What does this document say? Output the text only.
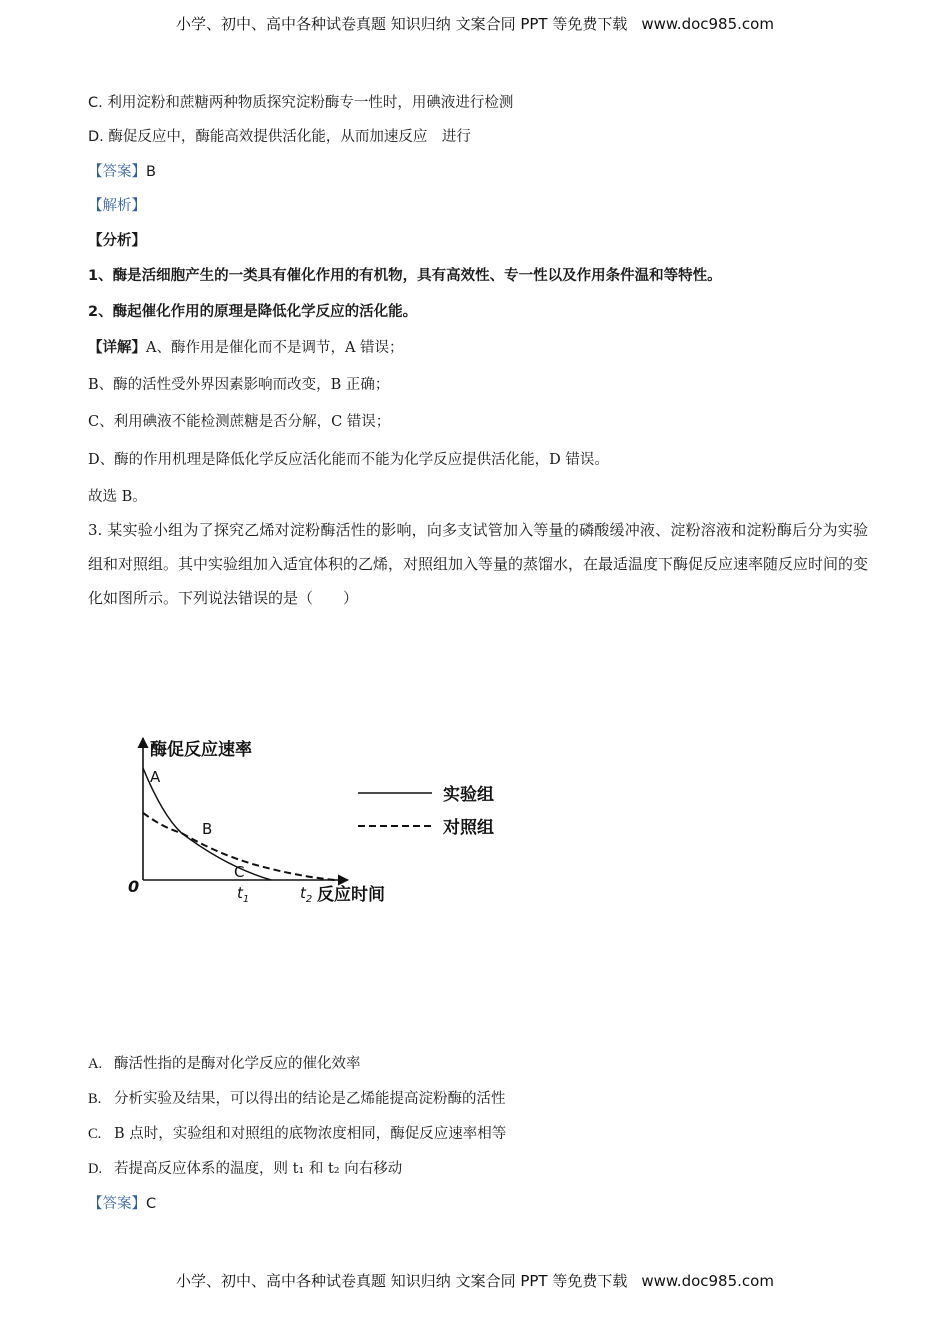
小学、初中、高中各种试卷真题 知识归纳 文案合同 PPT 等免费下载 www.doc985.com
C. 利用淀粉和蔗糖两种物质探究淀粉酶专一性时，用碘液进行检测
D. 酶促反应中，酶能高效提供活化能，从而加速反应　进行
【答案】B
【解析】
【分析】
1、酶是活细胞产生的一类具有催化作用的有机物，具有高效性、专一性以及作用条件温和等特性。
2、酶起催化作用的原理是降低化学反应的活化能。
【详解】A、酶作用是催化而不是调节，A 错误；
B、酶的活性受外界因素影响而改变，B 正确；
C、利用碘液不能检测蔗糖是否分解，C 错误；
D、酶的作用机理是降低化学反应活化能而不能为化学反应提供活化能，D 错误。
故选 B。
3. 某实验小组为了探究乙烯对淀粉酶活性的影响，向多支试管加入等量的磷酸缓冲液、淀粉溶液和淀粉酶后分为实验组和对照组。其中实验组加入适宜体积的乙烯，对照组加入等量的蒸馏水，在最适温度下酶促反应速率随反应时间的变化如图所示。下列说法错误的是（　　）
酶促反应速率
0
A
B
C
$t_1$	$t_2$ 反应时间
实验组
对照组
A. 酶活性指的是酶对化学反应的催化效率
B. 分析实验及结果，可以得出的结论是乙烯能提高淀粉酶的活性
C. B 点时，实验组和对照组的底物浓度相同，酶促反应速率相等
D. 若提高反应体系的温度，则 t₁ 和 t₂ 向右移动
【答案】C
小学、初中、高中各种试卷真题 知识归纳 文案合同 PPT 等免费下载 www.doc985.com
